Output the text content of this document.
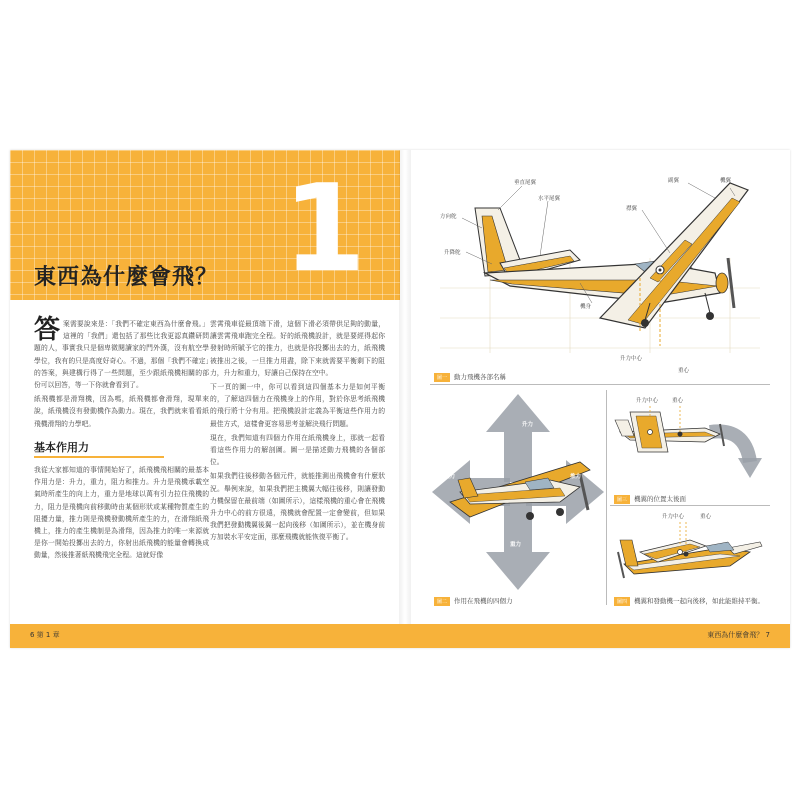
1
東西為什麼會飛？
答 案需要說來是：「我們不確定東西為什麼會飛。」這裡的「我們」還包括了那些比我更認真鑽研問題的人，事實我只是個卑微閱讀家的門外漢，沒有航空學學位，我有的只是高度好奇心。不過，那個「我們不確定」的答案，與建構行得了一些問題，至少跟紙飛機相關的部份可以回答，等一下你就會看到了。

紙飛機都是滑翔機，因為嗎，紙飛機都會滑翔，現單來說，紙飛機沒有發動機作為動力。現在，我們就來看看紙飛機滑翔的力學吧。

基本作用力

我從大家都知道的事情開始好了，紙飛機飛相關的最基本作用力是：升力，重力，阻力和推力。升力是飛機承載空氣時所產生的向上力，重力是地球以萬有引力拉住飛機的力，阻力是飛機向前移動時由某個形狀或某種物質產生的阻擾力量，推力則是飛機發動機所產生的力，在滑翔紙飛機上，推力的產生機制是為滑翔，因為推力的唯一來源就是你一開始投擲出去的力，你射出紙飛機的能量會轉換成動量，然後推著紙飛機飛完全程。這就好像

雲霄飛車從最頂端下滑，這個下滑必須帶供足夠的動量，讓雲霄飛車跑完全程。好的紙飛機設計，就是要經得起你發射時所賦予它的推力，也就是你投擲出去的力，紙飛機被推出之後，一旦推力用盡，除下來就需要平衡剩下的阻力，升力和重力，好讓自己保持在空中。

下一頁的圖一中，你可以看到這四個基本力是如何平衡的，了解這四個力在飛機身上的作用，對於你思考紙飛機的飛行將十分有用。把飛機設計定義為平衡這些作用力的最佳方式，這樣會更容易思考並解決飛行問題。

現在，我們知道有四個力作用在紙飛機身上，那就一起看看這些作用力的解剖圖。圖一是描述動力飛機的各個部位。

如果我們往後移動各個元件，就能推測出飛機會有什麼狀況。舉例來說，如果我們把主機翼大幅往後移，則讓發動力機保留在最前端（如圖所示），這樣飛機的重心會在飛機升力中心的前方很遠，飛機就會配置一定會變前，但如果我們把發動機翼後翼一起向後移（如圖所示），並在機身前方加裝水平安定面，那麼飛機就能恢復平衡了。

垂直尾翼
水平尾翼
方向舵
升降舵
機身
襟翼
副翼	機翼
升力中心
重心
圖一 動力飛機各部名稱
升力
阻力	推力
重力
圖二 作用在飛機的四個力
升力中心	重心
圖三 機翼的位置太後面
升力中心	重心
圖四 機翼和發動機一起向後移，如此能維持平衡。
6 第 1 章	東西為什麼會飛？ 7
